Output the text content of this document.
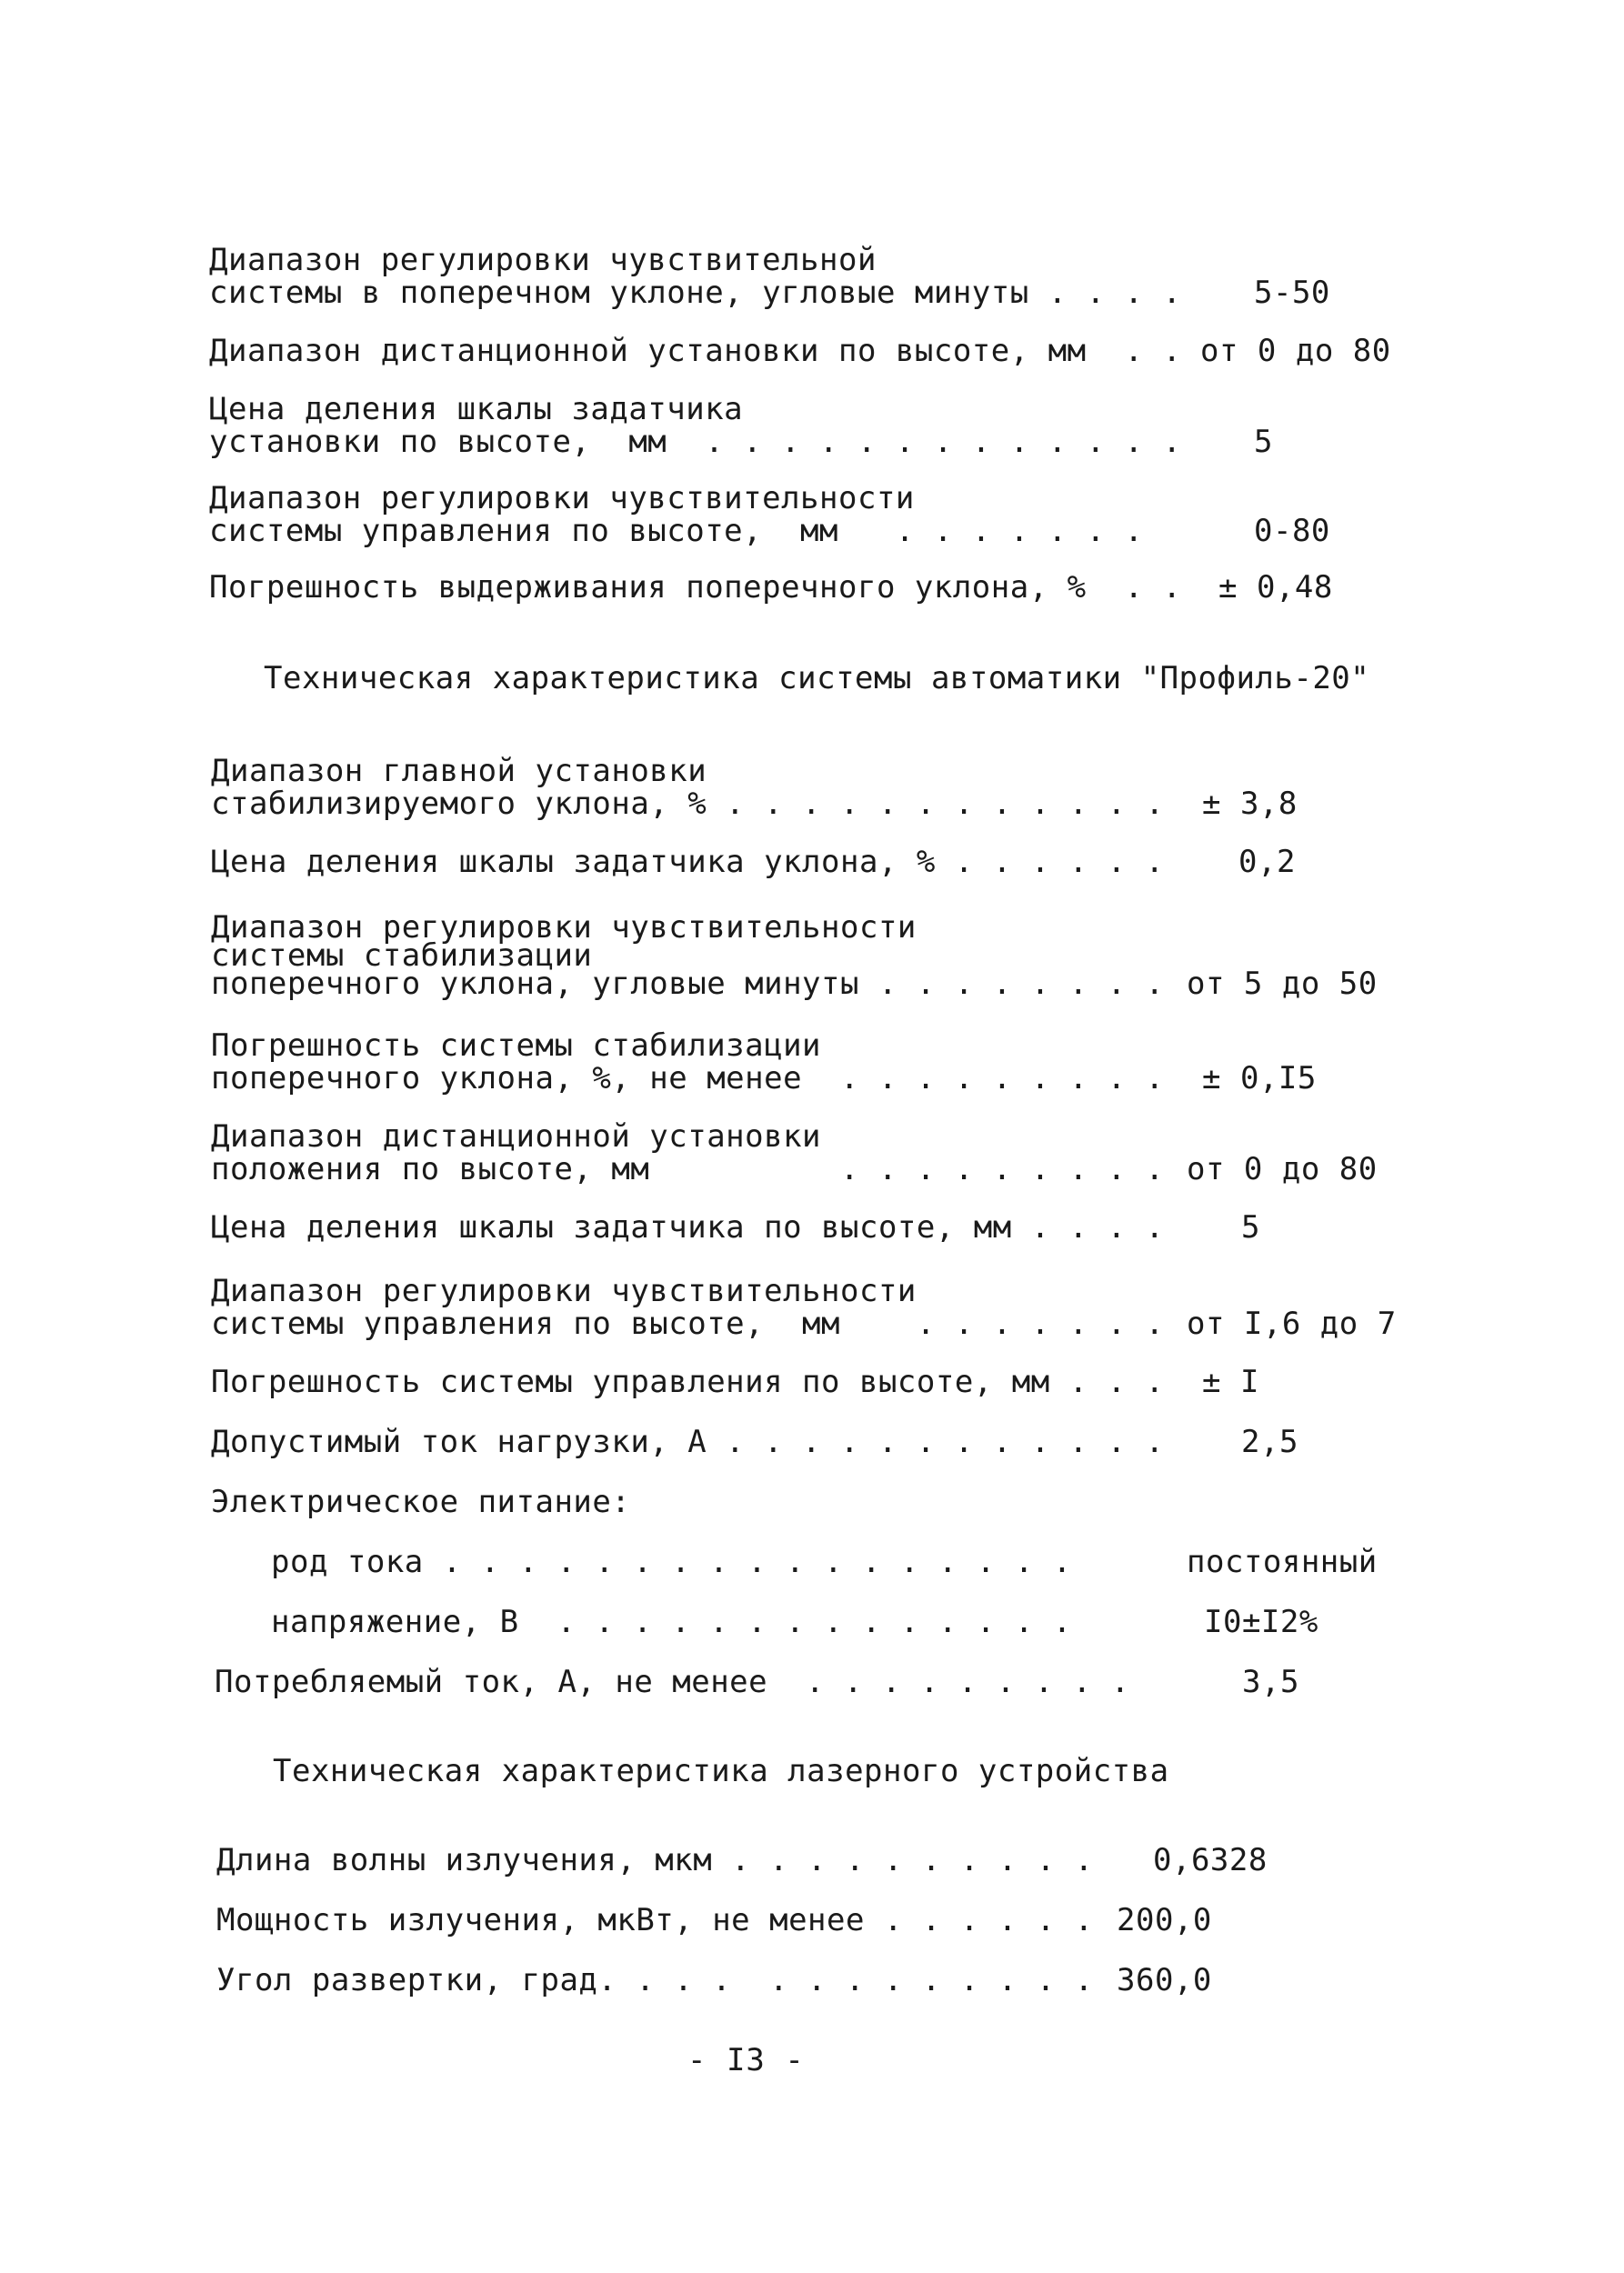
Диапазон регулировки чувствительной
системы в поперечном уклоне, угловые минуты . . . .	5-50
Диапазон дистанционной установки по высоте, мм  . . от 0 до 80
Цена деления шкалы задатчика
установки по высоте,  мм  . . . . . . . . . . . . .	5
Диапазон регулировки чувствительности
системы управления по высоте,  мм   . . . . . . .	0-80
Погрешность выдерживания поперечного уклона, %  . .	± 0,48
Техническая характеристика системы автоматики "Профиль-20"
Диапазон главной установки
стабилизируемого уклона, % . . . . . . . . . . . .	± 3,8
Цена деления шкалы задатчика уклона, % . . . . . .	0,2
Диапазон регулировки чувствительности
системы стабилизации
поперечного уклона, угловые минуты . . . . . . . . от 5 до 50
Погрешность системы стабилизации
поперечного уклона, %, не менее  . . . . . . . . .	± 0,I5
Диапазон дистанционной установки
положения по высоте, мм          . . . . . . . . . от 0 до 80
Цена деления шкалы задатчика по высоте, мм . . . .	5
Диапазон регулировки чувствительности
системы управления по высоте,  мм    . . . . . . . от I,6 до 7
Погрешность системы управления по высоте, мм . . .	± I
Допустимый ток нагрузки, А . . . . . . . . . . . .	2,5
Электрическое питание:
род тока . . . . . . . . . . . . . . . . .	постоянный
напряжение, В  . . . . . . . . . . . . . .	I0±I2%
Потребляемый ток, А, не менее  . . . . . . . . .	3,5
Техническая характеристика лазерного устройства
Длина волны излучения, мкм . . . . . . . . . .	0,6328
Мощность излучения, мкВт, не менее . . . . . . 200,0
Угол развертки, град. . . .  . . . . . . . . . 360,0
- I3 -
